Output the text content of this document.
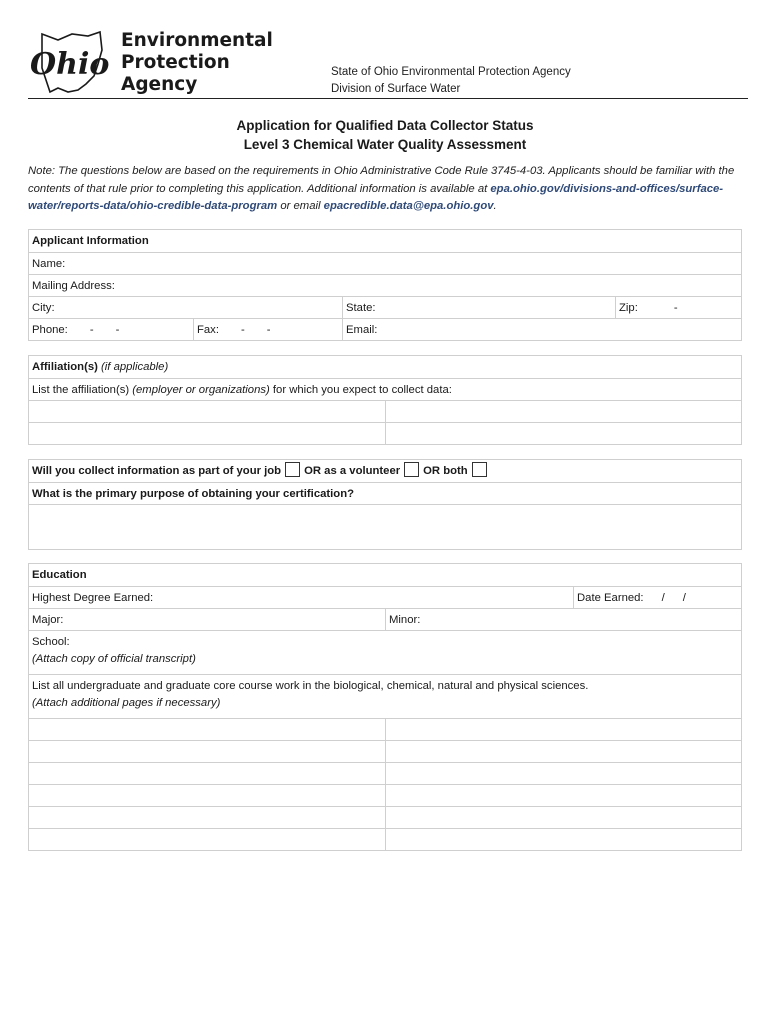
Ohio
Environmental
Protection
Agency
State of Ohio Environmental Protection Agency
Division of Surface Water
Application for Qualified Data Collector Status
Level 3 Chemical Water Quality Assessment
Note: The questions below are based on the requirements in Ohio Administrative Code Rule 3745-4-03. Applicants should be familiar with the contents of that rule prior to completing this application. Additional information is available at epa.ohio.gov/divisions-and-offices/surface-water/reports-data/ohio-credible-data-program or email epacredible.data@epa.ohio.gov.
Applicant Information
Name:
Mailing Address:
City:	State:	Zip:	-
Phone: - -	Fax: - -	Email:
Affiliation(s) (if applicable)
List the affiliation(s) (employer or organizations) for which you expect to collect data:
Will you collect information as part of your job OR as a volunteer OR both
What is the primary purpose of obtaining your certification?
Education
Highest Degree Earned:	Date Earned: / /
Major:	Minor:
School:
(Attach copy of official transcript)
List all undergraduate and graduate core course work in the biological, chemical, natural and physical sciences.
(Attach additional pages if necessary)
